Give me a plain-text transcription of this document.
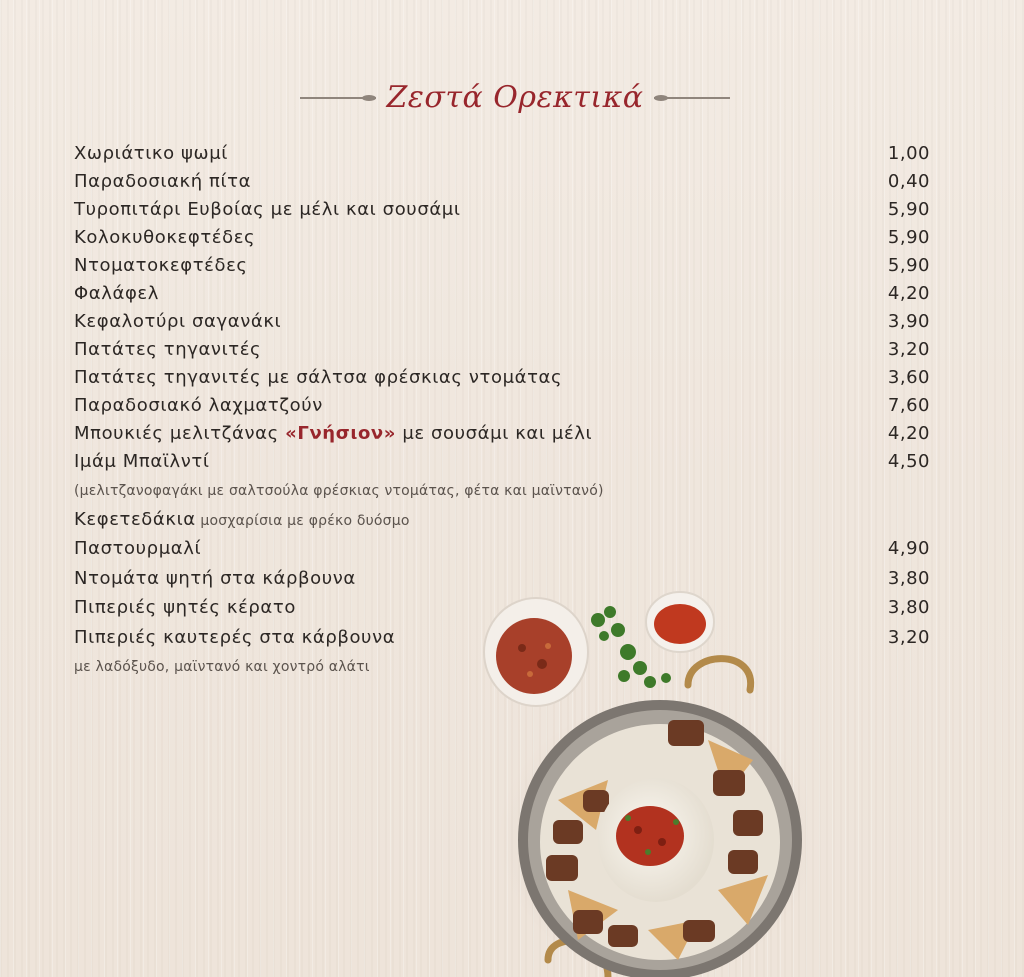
Ζεστά Ορεκτικά
Χωριάτικο ψωμί	1,00
Παραδοσιακή πίτα	0,40
Τυροπιτάρι Ευβοίας με μέλι και σουσάμι	5,90
Κολοκυθοκεφτέδες	5,90
Ντοματοκεφτέδες	5,90
Φαλάφελ	4,20
Κεφαλοτύρι σαγανάκι	3,90
Πατάτες τηγανιτές	3,20
Πατάτες τηγανιτές με σάλτσα φρέσκιας ντομάτας	3,60
Παραδοσιακό λαχματζούν	7,60
Μπουκιές μελιτζάνας «Γνήσιον» με σουσάμι και μέλι	4,20
Ιμάμ Μπαϊλντί	4,50
(μελιτζανοφαγάκι με σαλτσούλα φρέσκιας ντομάτας, φέτα και μαϊντανό)
Κεφετεδάκια μοσχαρίσια με φρέκο δυόσμο
Παστουρμαλί	4,90
Ντομάτα ψητή στα κάρβουνα	3,80
Πιπεριές ψητές κέρατο	3,80
Πιπεριές καυτερές στα κάρβουνα	3,20
με λαδόξυδο, μαϊντανό και χοντρό αλάτι
